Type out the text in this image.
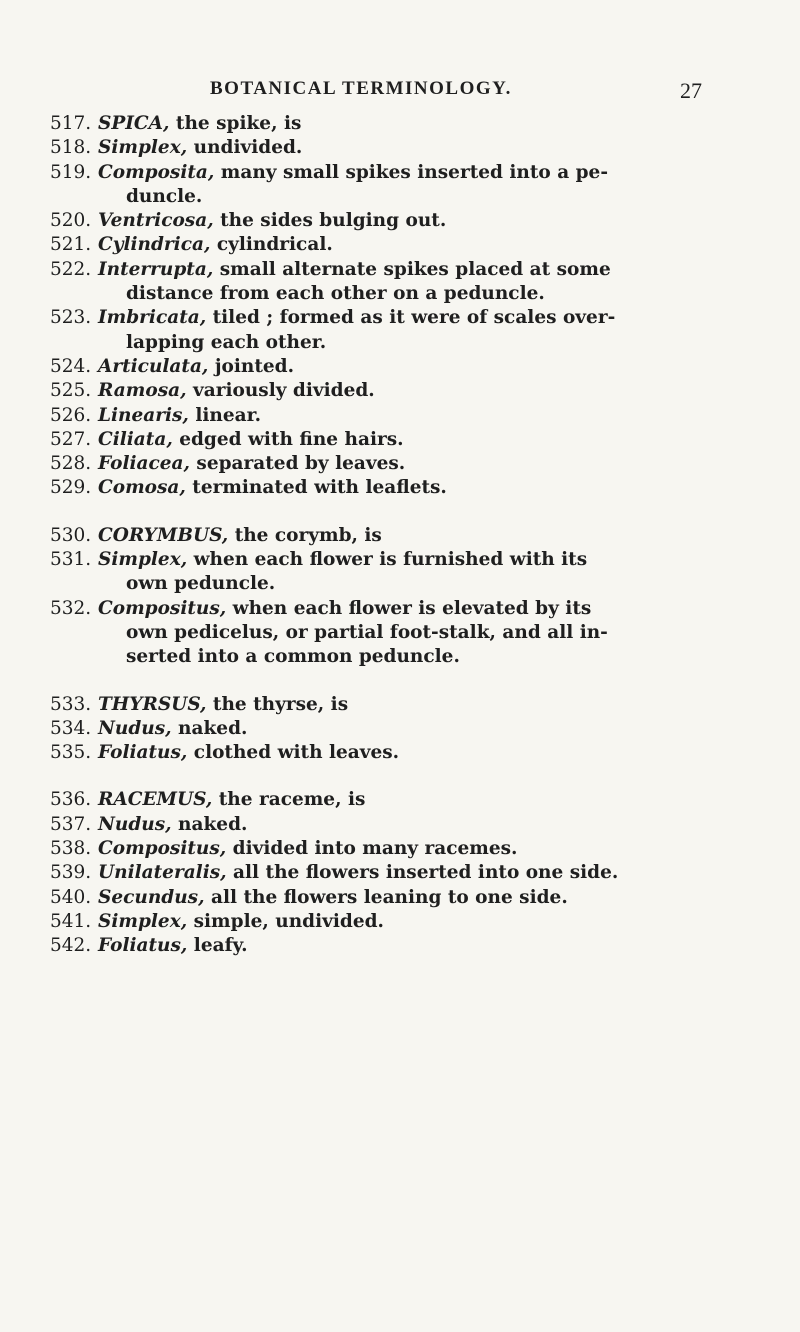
BOTANICAL TERMINOLOGY.	27
517. SPICA, the spike, is
518. Simplex, undivided.
519. Composita, many small spikes inserted into a pe-
duncle.
520. Ventricosa, the sides bulging out.
521. Cylindrica, cylindrical.
522. Interrupta, small alternate spikes placed at some
distance from each other on a peduncle.
523. Imbricata, tiled ; formed as it were of scales over-
lapping each other.
524. Articulata, jointed.
525. Ramosa, variously divided.
526. Linearis, linear.
527. Ciliata, edged with fine hairs.
528. Foliacea, separated by leaves.
529. Comosa, terminated with leaflets.
530. CORYMBUS, the corymb, is
531. Simplex, when each flower is furnished with its
own peduncle.
532. Compositus, when each flower is elevated by its
own pedicelus, or partial foot-stalk, and all in-
serted into a common peduncle.
533. THYRSUS, the thyrse, is
534. Nudus, naked.
535. Foliatus, clothed with leaves.
536. RACEMUS, the raceme, is
537. Nudus, naked.
538. Compositus, divided into many racemes.
539. Unilateralis, all the flowers inserted into one side.
540. Secundus, all the flowers leaning to one side.
541. Simplex, simple, undivided.
542. Foliatus, leafy.
